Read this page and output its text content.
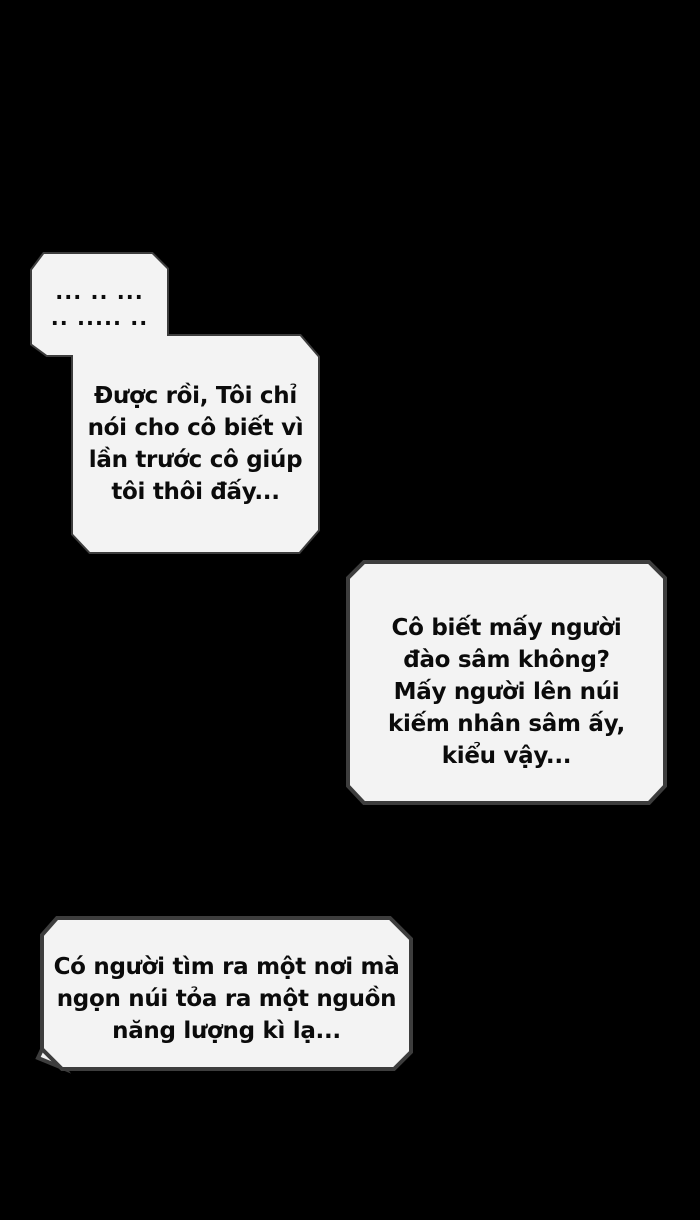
... .. ...
.. ..... ..
Được rồi, Tôi chỉ
nói cho cô biết vì
lần trước cô giúp
tôi thôi đấy...
Cô biết mấy người
đào sâm không?
Mấy người lên núi
kiếm nhân sâm ấy,
kiểu vậy...
Có người tìm ra một nơi mà
ngọn núi tỏa ra một nguồn
năng lượng kì lạ...
